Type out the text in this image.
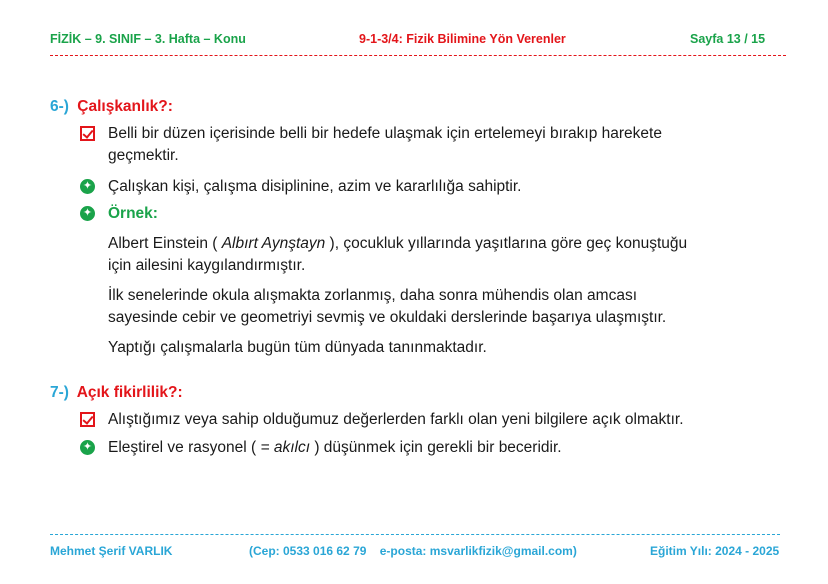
FİZİK – 9. SINIF – 3. Hafta – Konu	9-1-3/4: Fizik Bilimine Yön Verenler	Sayfa 13 / 15
6-) Çalışkanlık?:
Belli bir düzen içerisinde belli bir hedefe ulaşmak için ertelemeyi bırakıp harekete
geçmektir.
✦ Çalışkan kişi, çalışma disiplinine, azim ve kararlılığa sahiptir.
✦ Örnek:
Albert Einstein ( Albırt Aynştayn ), çocukluk yıllarında yaşıtlarına göre geç konuştuğu
için ailesini kaygılandırmıştır.
İlk senelerinde okula alışmakta zorlanmış, daha sonra mühendis olan amcası
sayesinde cebir ve geometriyi sevmiş ve okuldaki derslerinde başarıya ulaşmıştır.
Yaptığı çalışmalarla bugün tüm dünyada tanınmaktadır.
7-) Açık fikirlilik?:
Alıştığımız veya sahip olduğumuz değerlerden farklı olan yeni bilgilere açık olmaktır.
✦ Eleştirel ve rasyonel ( = akılcı ) düşünmek için gerekli bir beceridir.
Mehmet Şerif VARLIK	(Cep: 0533 016 62 79    e-posta: msvarlikfizik@gmail.com)	Eğitim Yılı: 2024 - 2025
